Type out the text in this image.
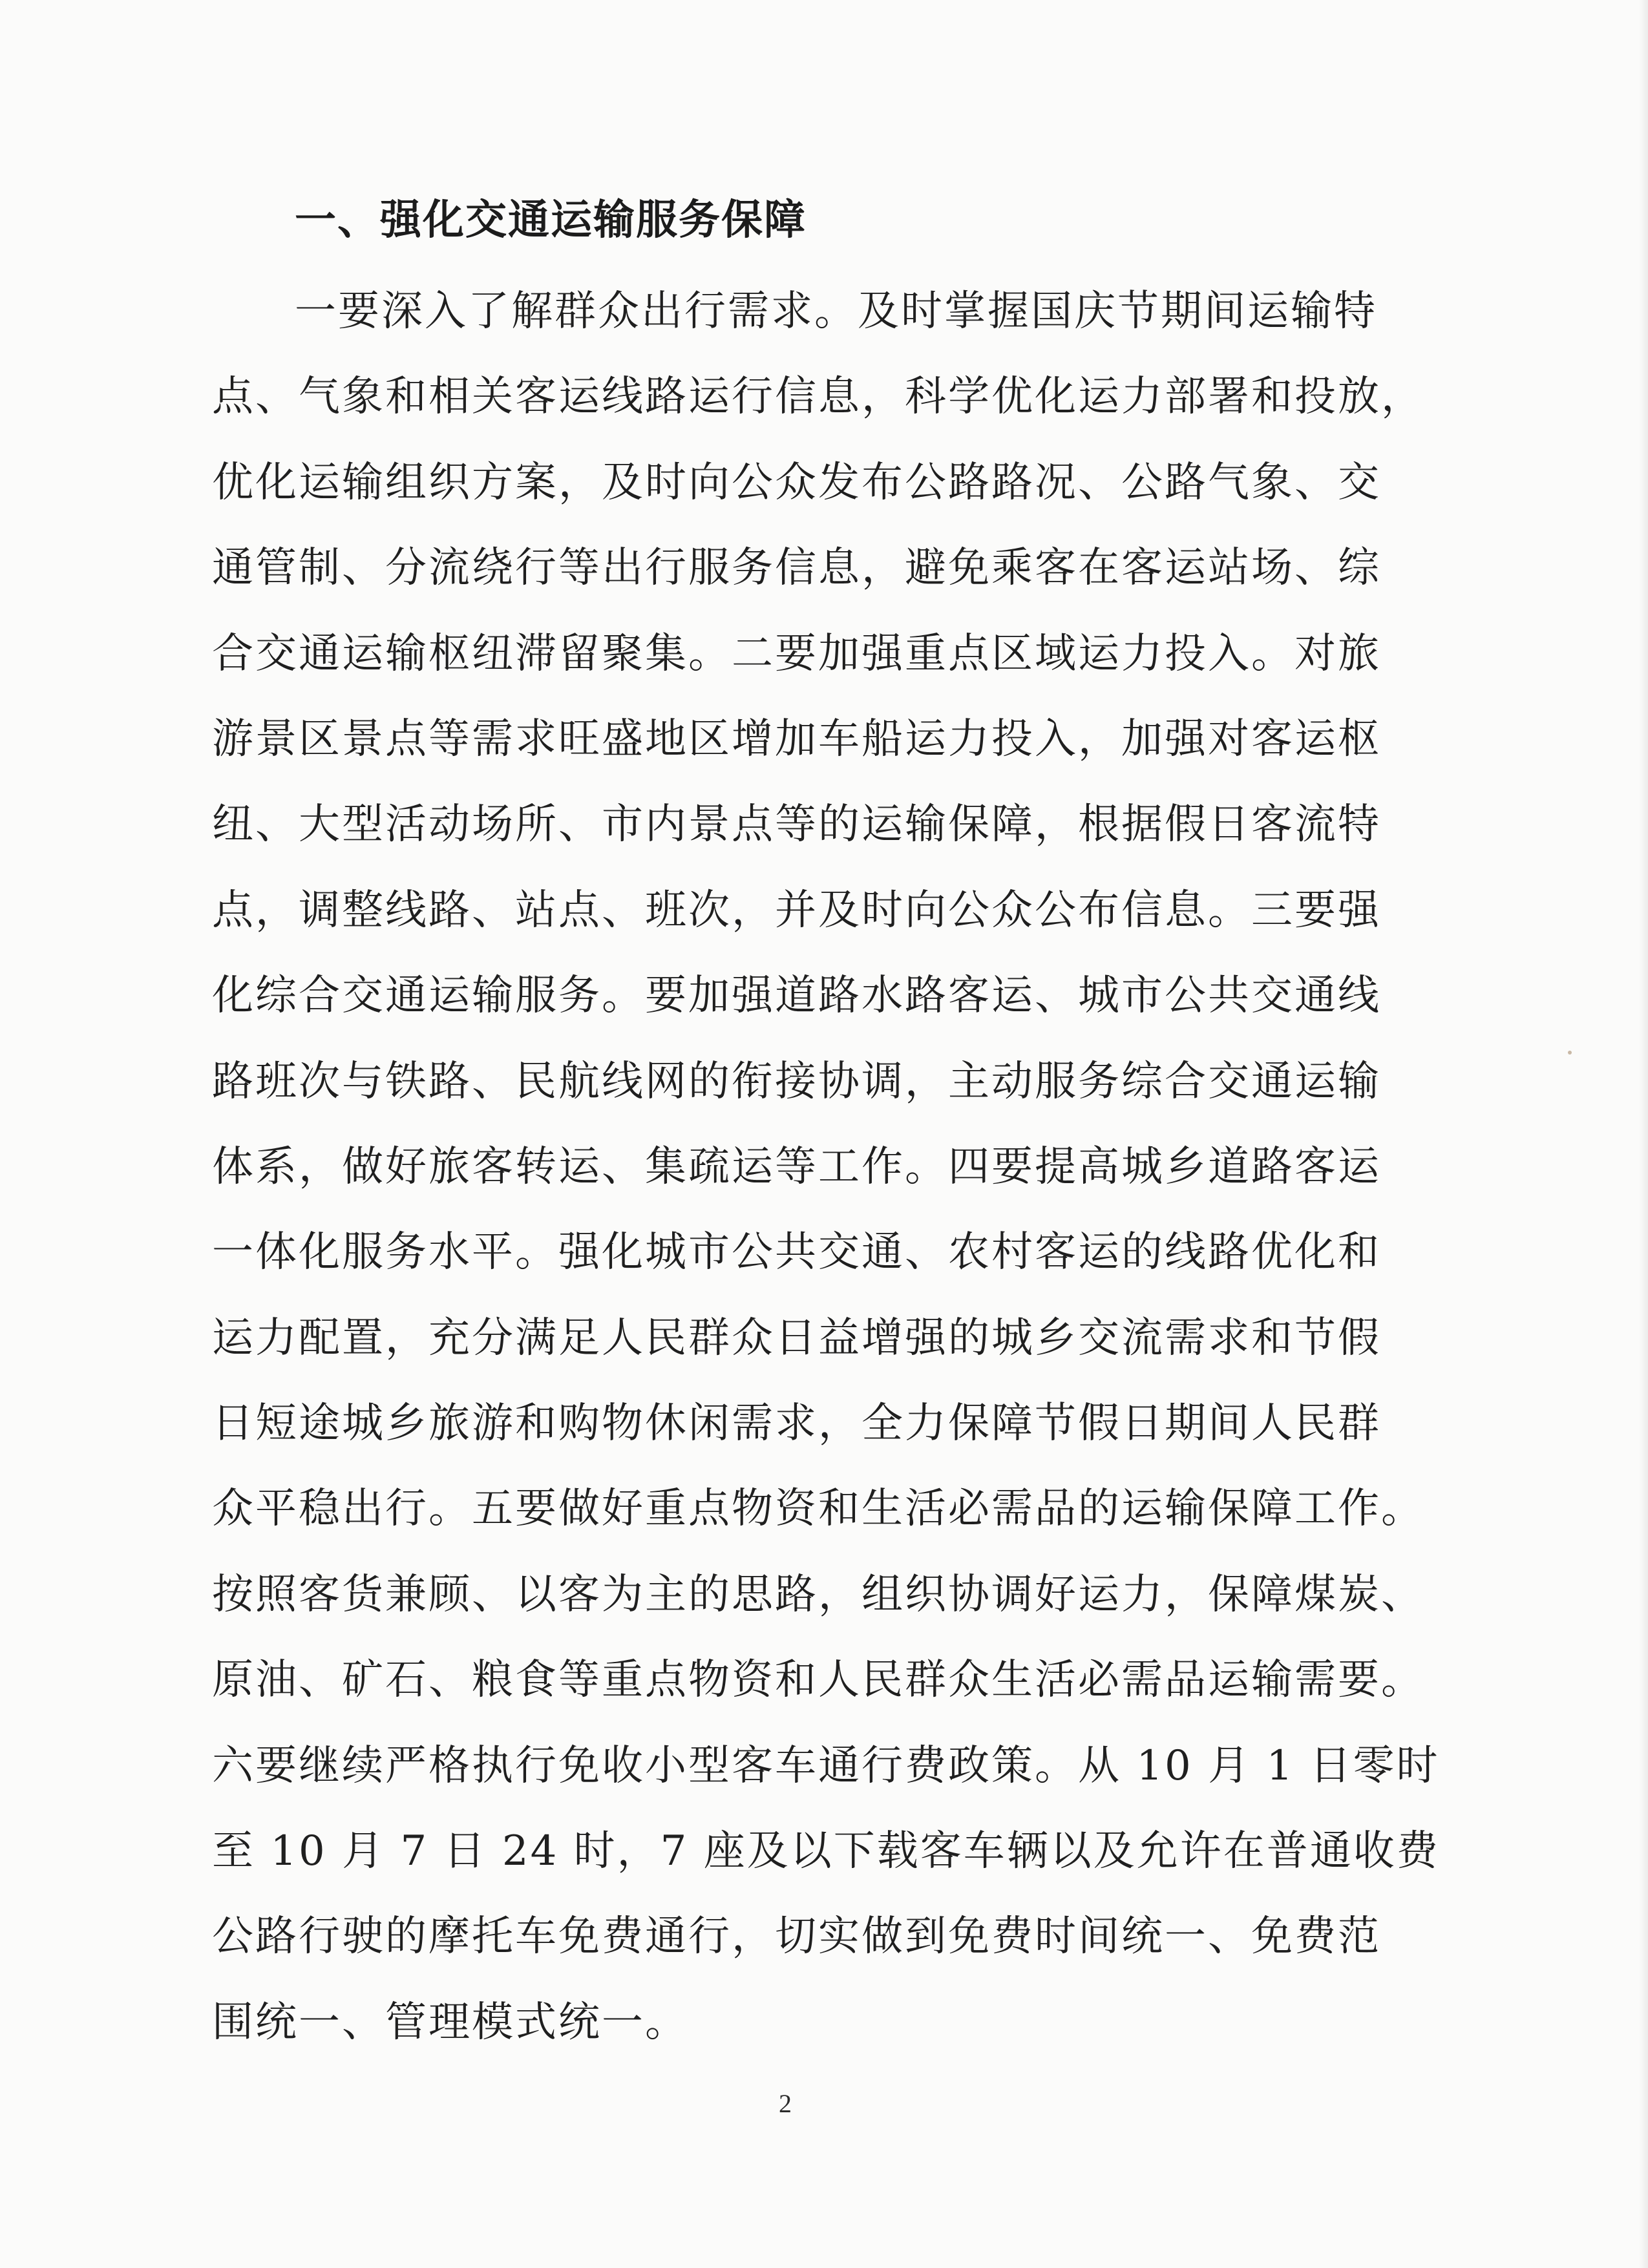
一、强化交通运输服务保障
一要深入了解群众出行需求。及时掌握国庆节期间运输特
点、气象和相关客运线路运行信息，科学优化运力部署和投放，
优化运输组织方案，及时向公众发布公路路况、公路气象、交
通管制、分流绕行等出行服务信息，避免乘客在客运站场、综
合交通运输枢纽滞留聚集。二要加强重点区域运力投入。对旅
游景区景点等需求旺盛地区增加车船运力投入，加强对客运枢
纽、大型活动场所、市内景点等的运输保障，根据假日客流特
点，调整线路、站点、班次，并及时向公众公布信息。三要强
化综合交通运输服务。要加强道路水路客运、城市公共交通线
路班次与铁路、民航线网的衔接协调，主动服务综合交通运输
体系，做好旅客转运、集疏运等工作。四要提高城乡道路客运
一体化服务水平。强化城市公共交通、农村客运的线路优化和
运力配置，充分满足人民群众日益增强的城乡交流需求和节假
日短途城乡旅游和购物休闲需求，全力保障节假日期间人民群
众平稳出行。五要做好重点物资和生活必需品的运输保障工作。
按照客货兼顾、以客为主的思路，组织协调好运力，保障煤炭、
原油、矿石、粮食等重点物资和人民群众生活必需品运输需要。
六要继续严格执行免收小型客车通行费政策。从 10 月 1 日零时
至 10 月 7 日 24 时，7 座及以下载客车辆以及允许在普通收费
公路行驶的摩托车免费通行，切实做到免费时间统一、免费范
围统一、管理模式统一。
2
